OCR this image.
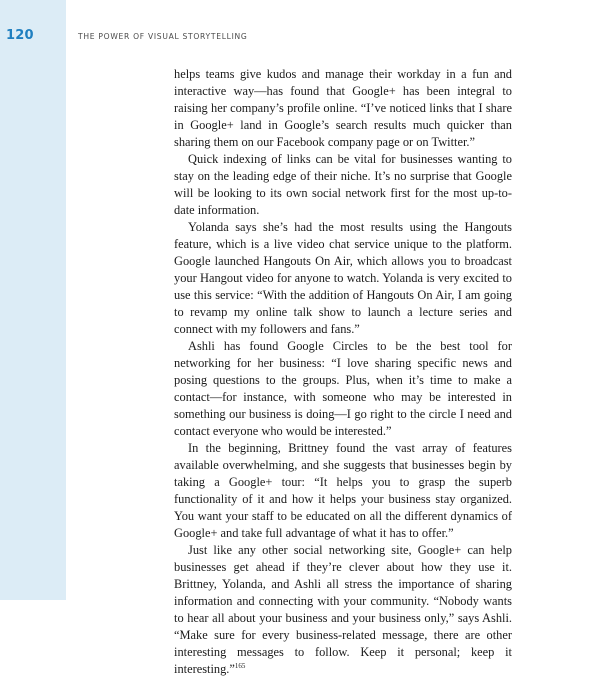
120	THE POWER OF VISUAL STORYTELLING

helps teams give kudos and manage their workday in a fun and interactive way—has found that Google+ has been integral to raising her company’s profile online. “I’ve noticed links that I share in Google+ land in Google’s search results much quicker than sharing them on our Facebook company page or on Twitter.”

Quick indexing of links can be vital for businesses wanting to stay on the leading edge of their niche. It’s no surprise that Google will be looking to its own social network first for the most up-to-date information.

Yolanda says she’s had the most results using the Hangouts feature, which is a live video chat service unique to the platform. Google launched Hangouts On Air, which allows you to broadcast your Hangout video for anyone to watch. Yolanda is very excited to use this service: “With the addition of Hangouts On Air, I am going to revamp my online talk show to launch a lecture series and connect with my followers and fans.”

Ashli has found Google Circles to be the best tool for networking for her business: “I love sharing specific news and posing questions to the groups. Plus, when it’s time to make a contact—for instance, with someone who may be interested in something our business is doing—I go right to the circle I need and contact everyone who would be interested.”

In the beginning, Brittney found the vast array of features available overwhelming, and she suggests that businesses begin by taking a Google+ tour: “It helps you to grasp the superb functionality of it and how it helps your business stay organized. You want your staff to be educated on all the different dynamics of Google+ and take full advantage of what it has to offer.”

Just like any other social networking site, Google+ can help businesses get ahead if they’re clever about how they use it. Brittney, Yolanda, and Ashli all stress the importance of sharing information and connecting with your community. “Nobody wants to hear all about your business and your business only,” says Ashli. “Make sure for every business-related message, there are other interesting messages to follow. Keep it personal; keep it interesting.”$^{165}$
